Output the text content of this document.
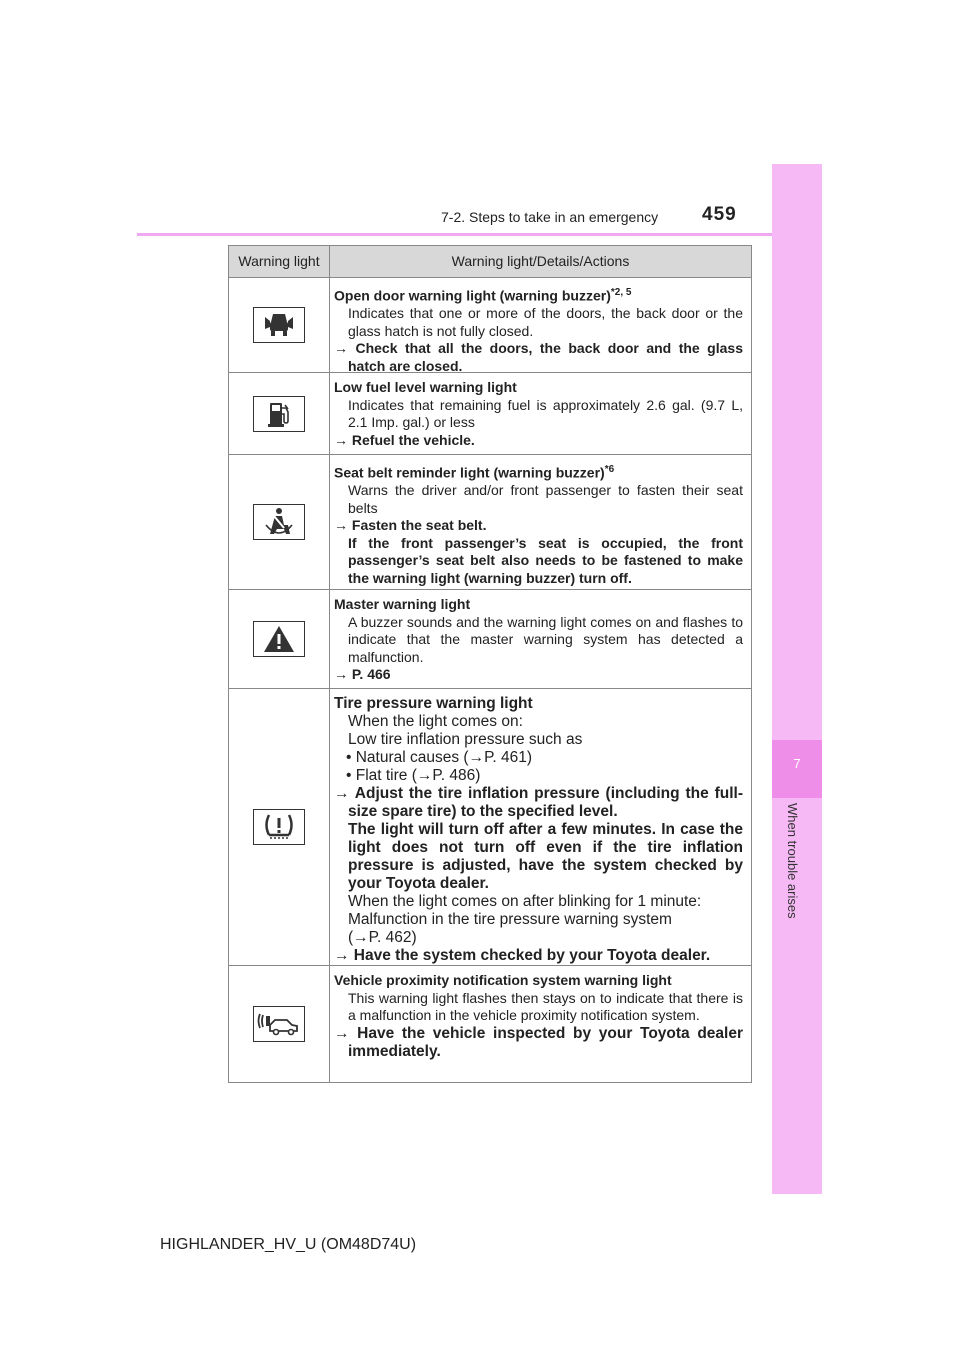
7-2. Steps to take in an emergency 459
7
When trouble arises
Warning light	Warning light/Details/Actions
Open door warning light (warning buzzer)$^{*2, 5}$
Indicates that one or more of the doors, the back door or the glass hatch is not fully closed.
→ Check that all the doors, the back door and the glass hatch are closed.
Low fuel level warning light
Indicates that remaining fuel is approximately 2.6 gal. (9.7 L, 2.1 Imp. gal.) or less
→ Refuel the vehicle.
Seat belt reminder light (warning buzzer)$^{*6}$
Warns the driver and/or front passenger to fasten their seat belts
→ Fasten the seat belt.
If the front passenger’s seat is occupied, the front passenger’s seat belt also needs to be fastened to make the warning light (warning buzzer) turn off.
Master warning light
A buzzer sounds and the warning light comes on and flashes to indicate that the master warning system has detected a malfunction.
→ P. 466
Tire pressure warning light
When the light comes on:
Low tire inflation pressure such as
• Natural causes (→P. 461)
• Flat tire (→P. 486)
→ Adjust the tire inflation pressure (including the full-size spare tire) to the specified level.
The light will turn off after a few minutes. In case the light does not turn off even if the tire inflation pressure is adjusted, have the system checked by your Toyota dealer.
When the light comes on after blinking for 1 minute:
Malfunction in the tire pressure warning system
(→P. 462)
→ Have the system checked by your Toyota dealer.
Vehicle proximity notification system warning light
This warning light flashes then stays on to indicate that there is a malfunction in the vehicle proximity notification system.
→ Have the vehicle inspected by your Toyota dealer immediately.
HIGHLANDER_HV_U (OM48D74U)
